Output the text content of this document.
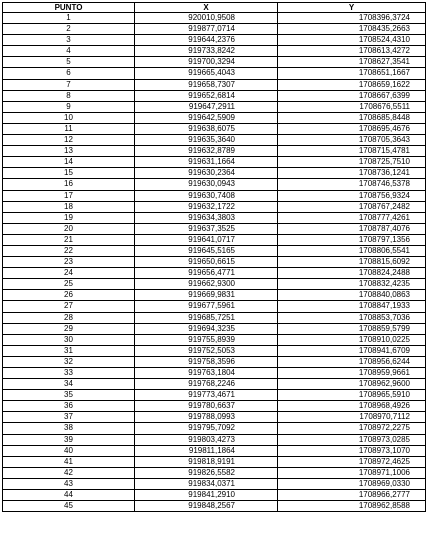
PUNTO	X	Y
1	920010,9508	1708396,3724
2	919877,0714	1708435,2663
3	919644,2376	1708524,4310
4	919733,8242	1708613,4272
5	919700,3294	1708627,3541
6	919665,4043	1708651,1667
7	919658,7307	1708659,1622
8	919652,6814	1708667,6399
9	919647,2911	1708676,5511
10	919642,5909	1708685,8448
11	919638,6075	1708695,4676
12	919635,3640	1708705,3643
13	919632,8789	1708715,4781
14	919631,1664	1708725,7510
15	919630,2364	1708736,1241
16	919630,0943	1708746,5378
17	919630,7408	1708756,9324
18	919632,1722	1708767,2482
19	919634,3803	1708777,4261
20	919637,3525	1708787,4076
21	919641,0717	1708797,1356
22	919645,5165	1708806,5541
23	919650,6615	1708815,6092
24	919656,4771	1708824,2488
25	919662,9300	1708832,4235
26	919669,9831	1708840,0863
27	919677,5961	1708847,1933
28	919685,7251	1708853,7036
29	919694,3235	1708859,5799
30	919755,8939	1708910,0225
31	919752,5053	1708941,6709
32	919758,3596	1708956,6244
33	919763,1804	1708959,9661
34	919768,2246	1708962,9600
35	919773,4671	1708965,5910
36	919780,6637	1708968,4926
37	919788,0993	1708970,7112
38	919795,7092	1708972,2275
39	919803,4273	1708973,0285
40	919811,1864	1708973,1070
41	919818,9191	1708972,4625
42	919826,5582	1708971,1006
43	919834,0371	1708969,0330
44	919841,2910	1708966,2777
45	919848,2567	1708962,8588
